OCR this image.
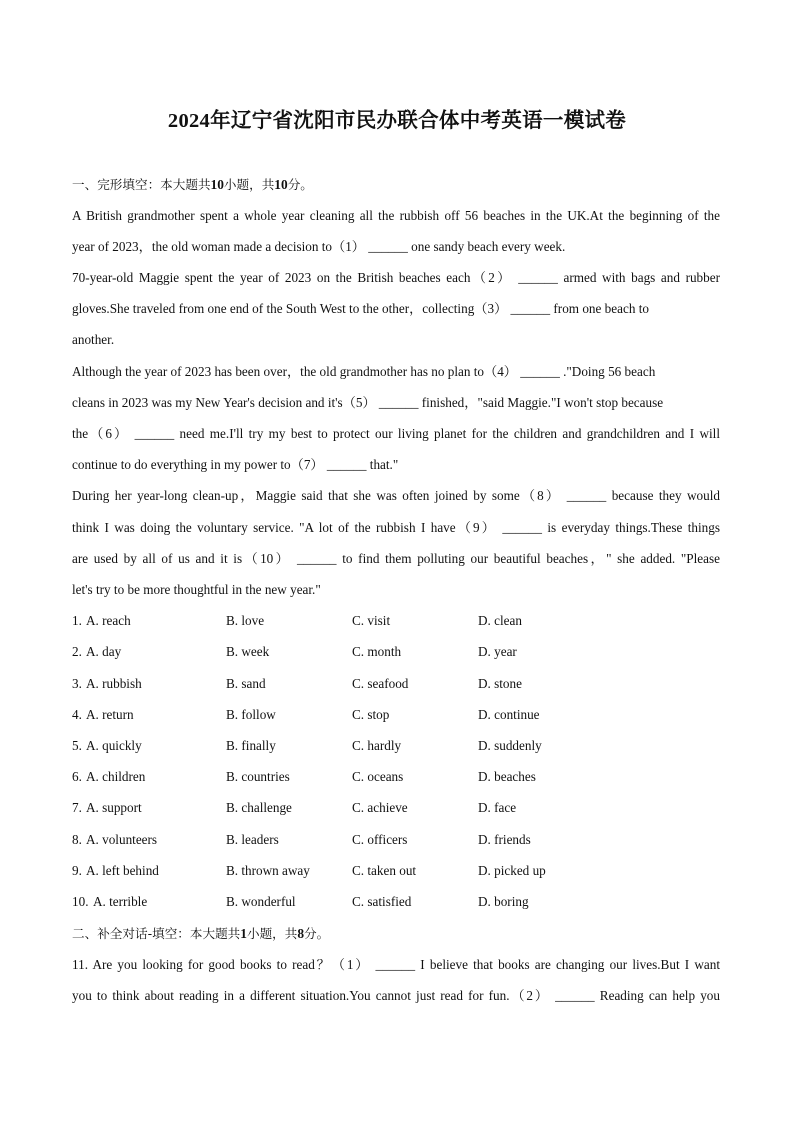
2024年辽宁省沈阳市民办联合体中考英语一模试卷
一、完形填空：本大题共10小题，共10分。
A British grandmother spent a whole year cleaning all the rubbish off 56 beaches in the UK.At the beginning of the
year of 2023，the old woman made a decision to（1） ______ one sandy beach every week.
70-year-old Maggie spent the year of 2023 on the British beaches each（2） ______ armed with bags and rubber
gloves.She traveled from one end of the South West to the other，collecting（3） ______ from one beach to
another.
Although the year of 2023 has been over，the old grandmother has no plan to（4） ______ ."Doing 56 beach
cleans in 2023 was my New Year's decision and it's（5） ______ finished，"said Maggie."I won't stop because
the（6） ______ need me.I'll try my best to protect our living planet for the children and grandchildren and I will
continue to do everything in my power to（7） ______ that."
During her year-long clean-up，Maggie said that she was often joined by some（8） ______ because they would
think I was doing the voluntary service. "A lot of the rubbish I have（9） ______ is everyday things.These things
are used by all of us and it is（10） ______ to find them polluting our beautiful beaches，" she added. "Please
let's try to be more thoughtful in the new year."
1. A. reach	B. love	C. visit	D. clean
2. A. day	B. week	C. month	D. year
3. A. rubbish	B. sand	C. seafood	D. stone
4. A. return	B. follow	C. stop	D. continue
5. A. quickly	B. finally	C. hardly	D. suddenly
6. A. children	B. countries	C. oceans	D. beaches
7. A. support	B. challenge	C. achieve	D. face
8. A. volunteers	B. leaders	C. officers	D. friends
9. A. left behind	B. thrown away	C. taken out	D. picked up
10. A. terrible	B. wonderful	C. satisfied	D. boring
二、补全对话-填空：本大题共1小题，共8分。
11. Are you looking for good books to read？（1） ______ I believe that books are changing our lives.But I want
you to think about reading in a different situation.You cannot just read for fun.（2） ______ Reading can help you
